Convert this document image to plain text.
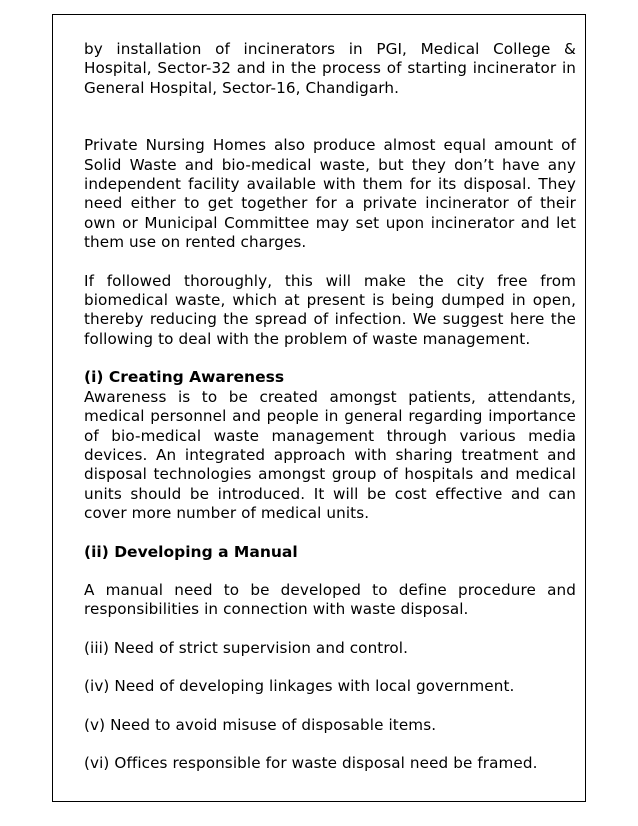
by installation of incinerators in PGI, Medical College & Hospital, Sector-32 and in the process of starting incinerator in General Hospital, Sector-16, Chandigarh.

Private Nursing Homes also produce almost equal amount of Solid Waste and bio-medical waste, but they don’t have any independent facility available with them for its disposal. They need either to get together for a private incinerator of their own or Municipal Committee may set upon incinerator and let them use on rented charges.

If followed thoroughly, this will make the city free from biomedical waste, which at present is being dumped in open, thereby reducing the spread of infection. We suggest here the following to deal with the problem of waste management.

(i) Creating Awareness

Awareness is to be created amongst patients, attendants, medical personnel and people in general regarding importance of bio-medical waste management through various media devices. An integrated approach with sharing treatment and disposal technologies amongst group of hospitals and medical units should be introduced. It will be cost effective and can cover more number of medical units.

(ii) Developing a Manual

A manual need to be developed to define procedure and responsibilities in connection with waste disposal.

(iii) Need of strict supervision and control.

(iv) Need of developing linkages with local government.

(v) Need to avoid misuse of disposable items.

(vi) Offices responsible for waste disposal need be framed.
